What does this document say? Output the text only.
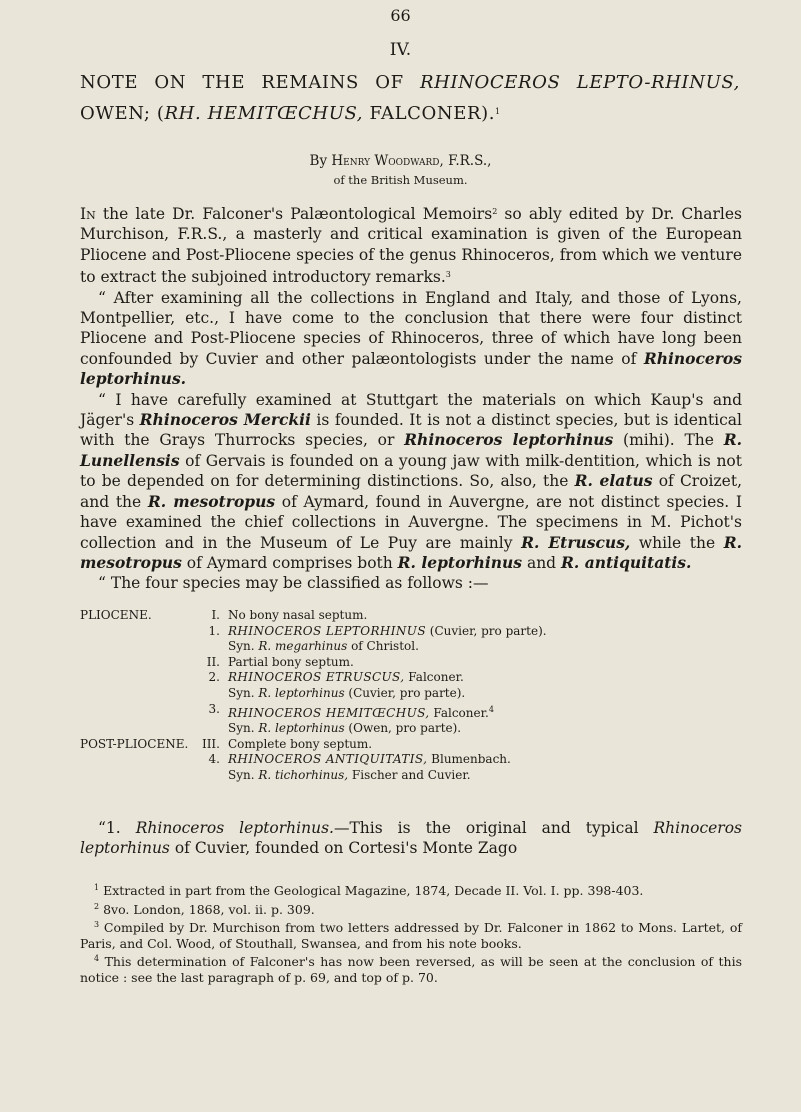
66
IV.
NOTE ON THE REMAINS OF RHINOCEROS LEPTO-RHINUS, OWEN; (RH. HEMITŒCHUS, FALCONER).$^1$
By Henry Woodward, F.R.S.,
of the British Museum.

In the late Dr. Falconer's Palæontological Memoirs$^2$ so ably edited by Dr. Charles Murchison, F.R.S., a masterly and critical examination is given of the European Pliocene and Post-Pliocene species of the genus Rhinoceros, from which we venture to extract the subjoined introductory remarks.$^3$

“ After examining all the collections in England and Italy, and those of Lyons, Montpellier, etc., I have come to the conclusion that there were four distinct Pliocene and Post-Pliocene species of Rhinoceros, three of which have long been confounded by Cuvier and other palæontologists under the name of Rhinoceros leptorhinus.

“ I have carefully examined at Stuttgart the materials on which Kaup's and Jäger's Rhinoceros Merckii is founded. It is not a distinct species, but is identical with the Grays Thurrocks species, or Rhinoceros leptorhinus (mihi). The R. Lunellensis of Gervais is founded on a young jaw with milk-dentition, which is not to be depended on for determining distinctions. So, also, the R. elatus of Croizet, and the R. mesotropus of Aymard, found in Auvergne, are not distinct species. I have examined the chief collections in Auvergne. The specimens in M. Pichot's collection and in the Museum of Le Puy are mainly R. Etruscus, while the R. mesotropus of Aymard comprises both R. leptorhinus and R. antiquitatis.

“ The four species may be classified as follows :—

PLIOCENE.	I. No bony nasal septum.
1. RHINOCEROS LEPTORHINUS (Cuvier, pro parte).
Syn. R. megarhinus of Christol.
II. Partial bony septum.
2. RHINOCEROS ETRUSCUS, Falconer.
Syn. R. leptorhinus (Cuvier, pro parte).
3. RHINOCEROS HEMITŒCHUS, Falconer.$^4$
Syn. R. leptorhinus (Owen, pro parte).
POST-PLIOCENE.	III. Complete bony septum.
4. RHINOCEROS ANTIQUITATIS, Blumenbach.
Syn. R. tichorhinus, Fischer and Cuvier.

“1. Rhinoceros leptorhinus.—This is the original and typical Rhinoceros leptorhinus of Cuvier, founded on Cortesi's Monte Zago

$^1$ Extracted in part from the Geological Magazine, 1874, Decade II. Vol. I. pp. 398-403.

$^2$ 8vo. London, 1868, vol. ii. p. 309.

$^3$ Compiled by Dr. Murchison from two letters addressed by Dr. Falconer in 1862 to Mons. Lartet, of Paris, and Col. Wood, of Stouthall, Swansea, and from his note books.

$^4$ This determination of Falconer's has now been reversed, as will be seen at the conclusion of this notice : see the last paragraph of p. 69, and top of p. 70.
